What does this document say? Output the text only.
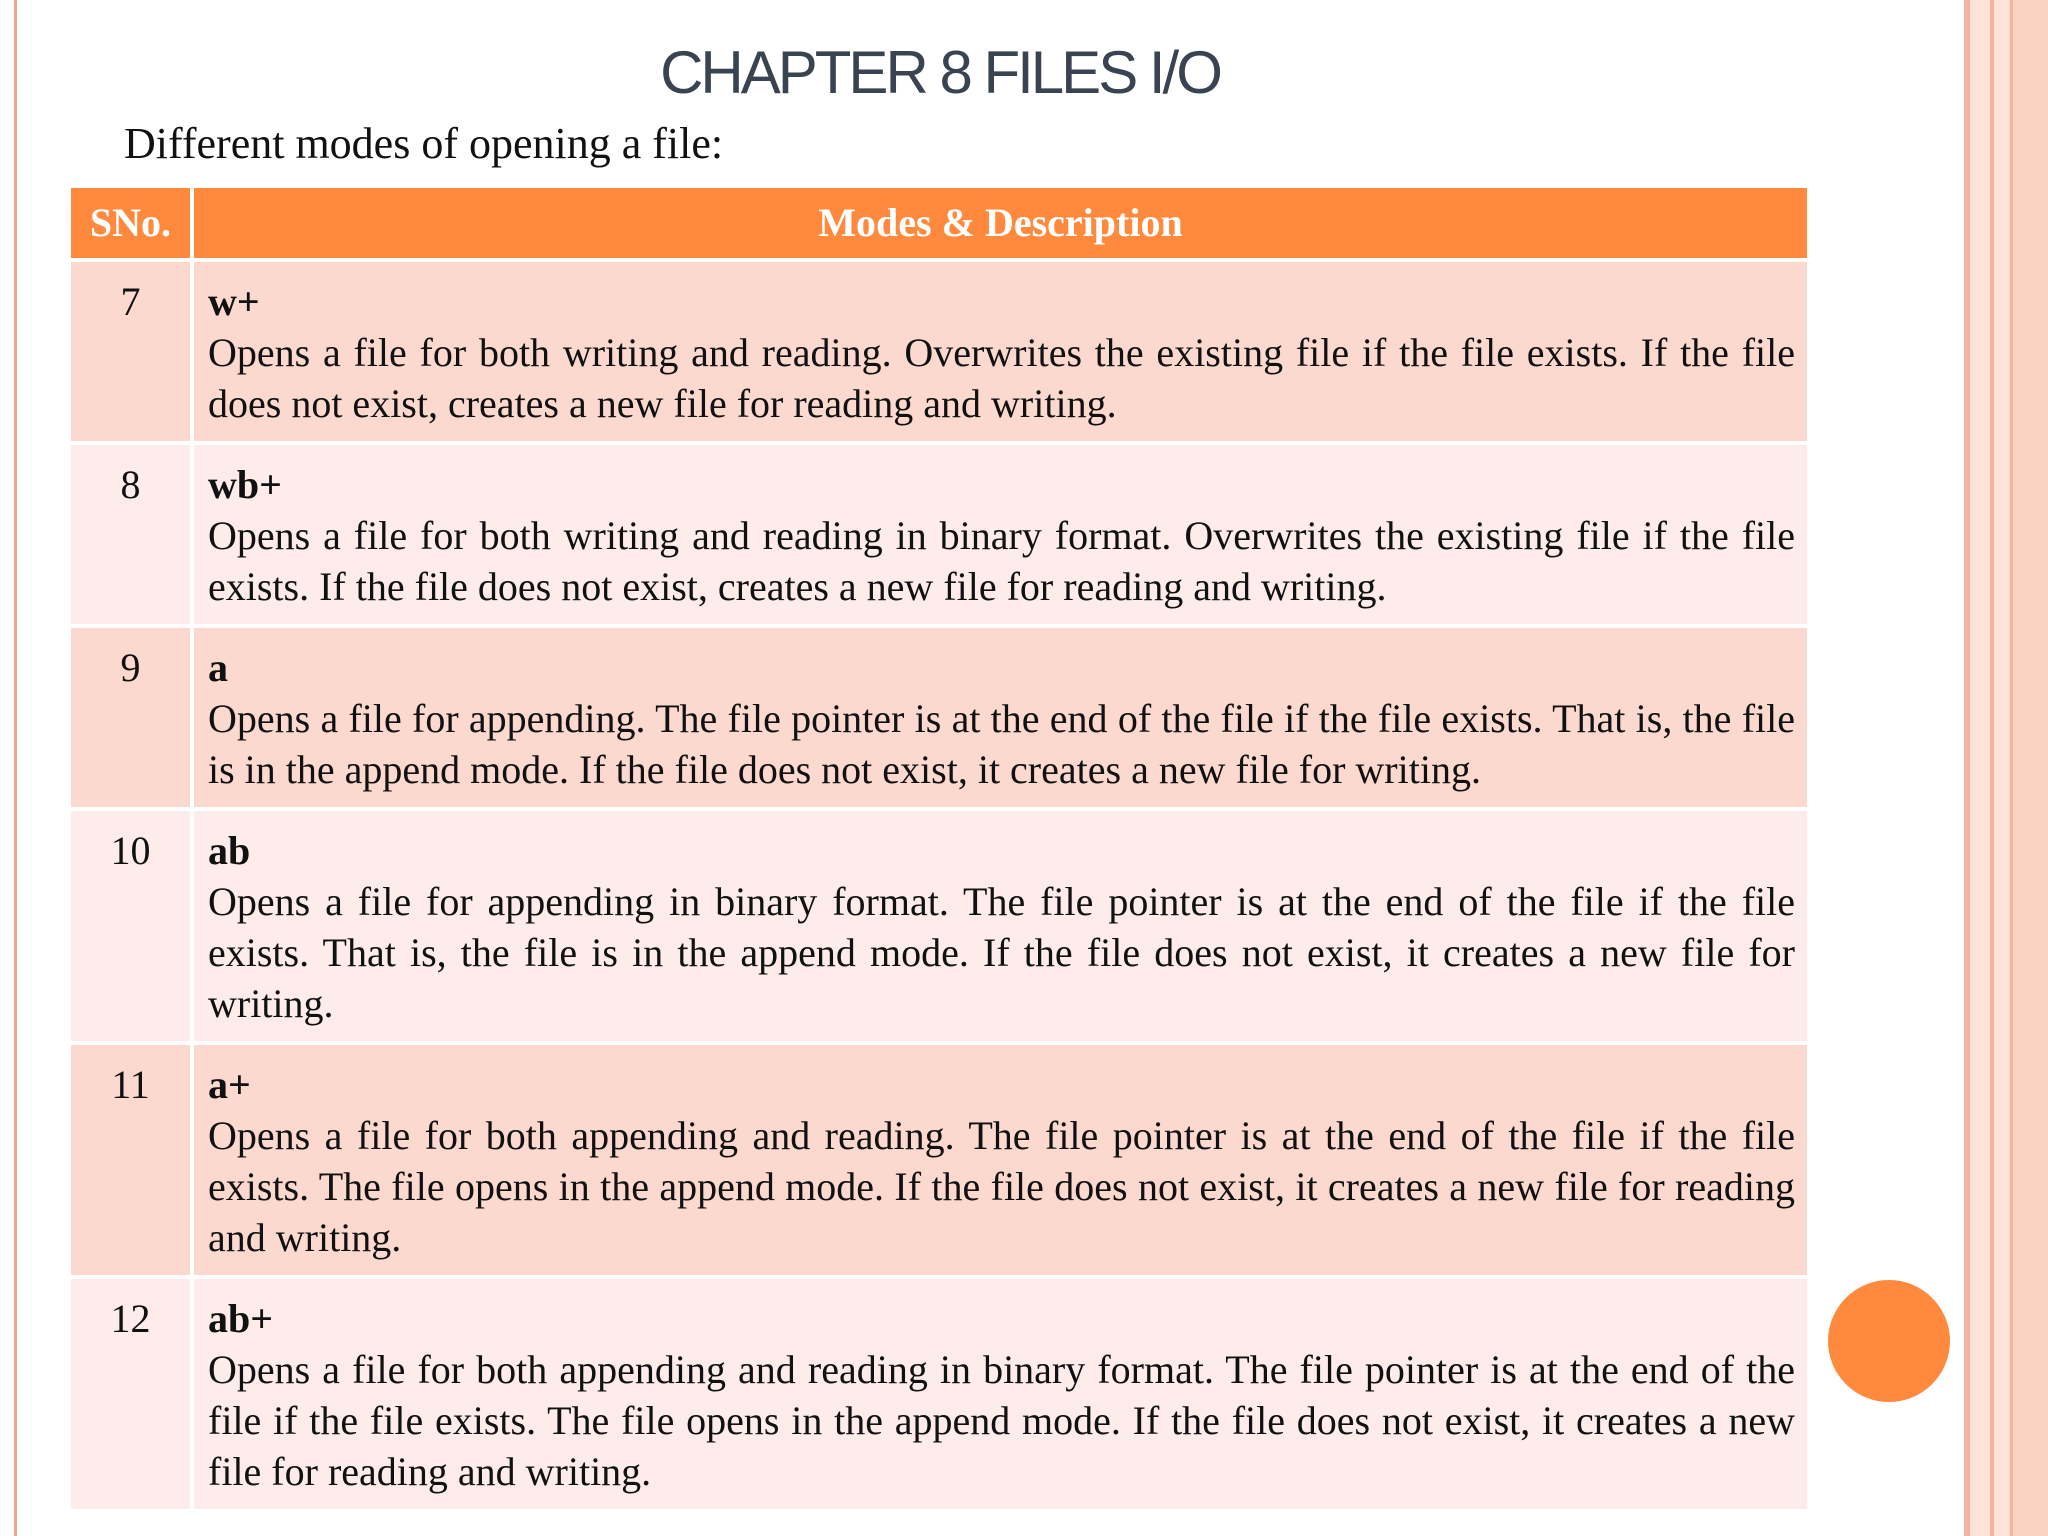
CHAPTER 8 FILES I/O

Different modes of opening a file:

SNo.	Modes & Description
7	w+
Opens a file for both writing and reading. Overwrites the existing file if the file exists. If the file does not exist, creates a new file for reading and writing.

8	wb+
Opens a file for both writing and reading in binary format. Overwrites the existing file if the file exists. If the file does not exist, creates a new file for reading and writing.

9	a
Opens a file for appending. The file pointer is at the end of the file if the file exists. That is, the file is in the append mode. If the file does not exist, it creates a new file for writing.

10	ab
Opens a file for appending in binary format. The file pointer is at the end of the file if the file exists. That is, the file is in the append mode. If the file does not exist, it creates a new file for writing.

11	a+
Opens a file for both appending and reading. The file pointer is at the end of the file if the file exists. The file opens in the append mode. If the file does not exist, it creates a new file for reading and writing.

12	ab+
Opens a file for both appending and reading in binary format. The file pointer is at the end of the file if the file exists. The file opens in the append mode. If the file does not exist, it creates a new file for reading and writing.
